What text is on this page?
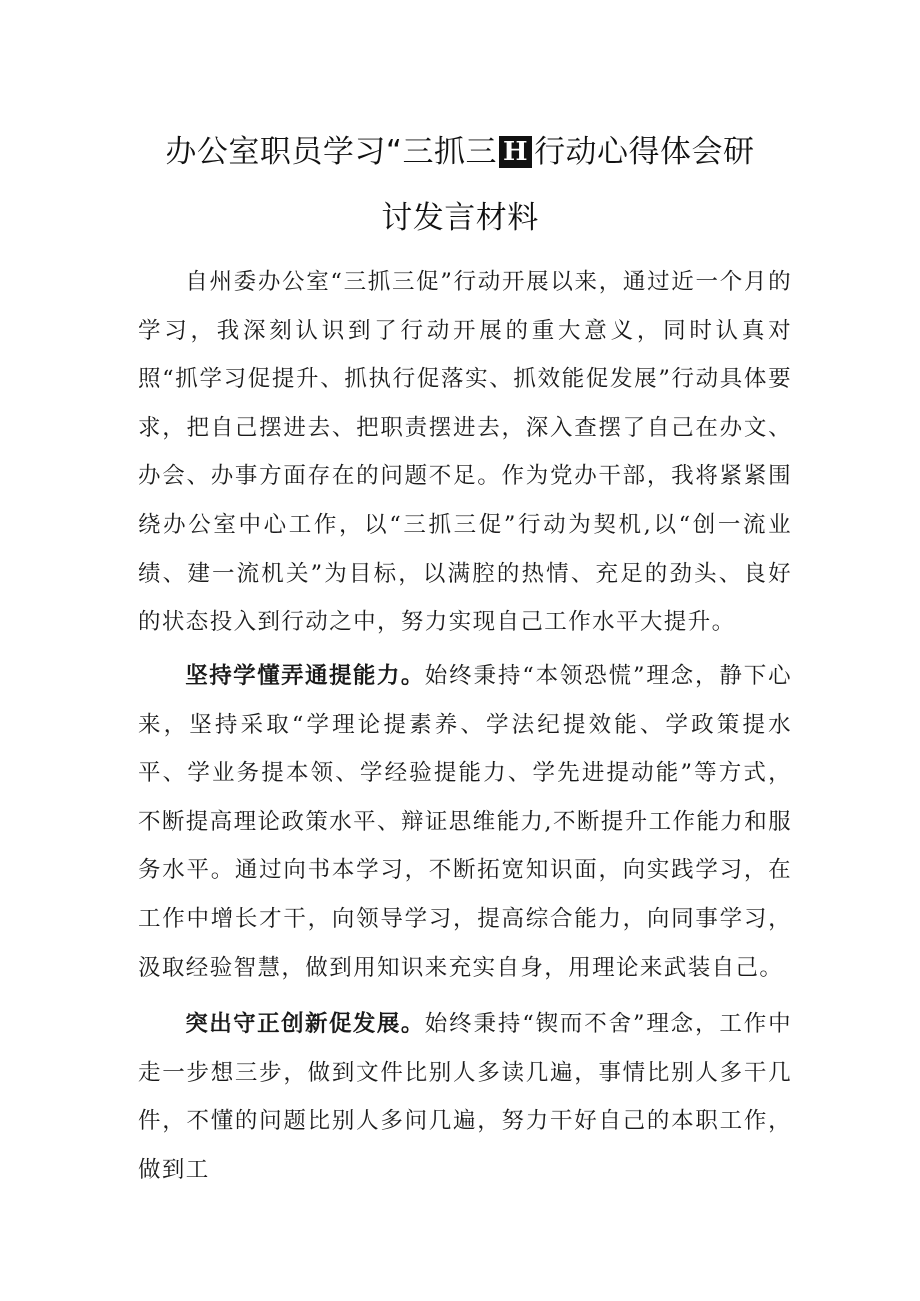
办公室职员学习“三抓三 H 行动心得体会研
讨发言材料

自州委办公室“三抓三促”行动开展以来，通过近一个月的学习，我深刻认识到了行动开展的重大意义，同时认真对照“抓学习促提升、抓执行促落实、抓效能促发展”行动具体要求，把自己摆进去、把职责摆进去，深入查摆了自己在办文、办会、办事方面存在的问题不足。作为党办干部，我将紧紧围绕办公室中心工作，以“三抓三促”行动为契机,以“创一流业绩、建一流机关”为目标，以满腔的热情、充足的劲头、良好的状态投入到行动之中，努力实现自己工作水平大提升。

坚持学懂弄通提能力。始终秉持“本领恐慌”理念，静下心来，坚持采取“学理论提素养、学法纪提效能、学政策提水平、学业务提本领、学经验提能力、学先进提动能”等方式，不断提高理论政策水平、辩证思维能力,不断提升工作能力和服务水平。通过向书本学习，不断拓宽知识面，向实践学习，在工作中增长才干，向领导学习，提高综合能力，向同事学习，汲取经验智慧，做到用知识来充实自身，用理论来武装自己。

突出守正创新促发展。始终秉持“锲而不舍”理念，工作中走一步想三步，做到文件比别人多读几遍，事情比别人多干几件，不懂的问题比别人多问几遍，努力干好自己的本职工作，做到工
